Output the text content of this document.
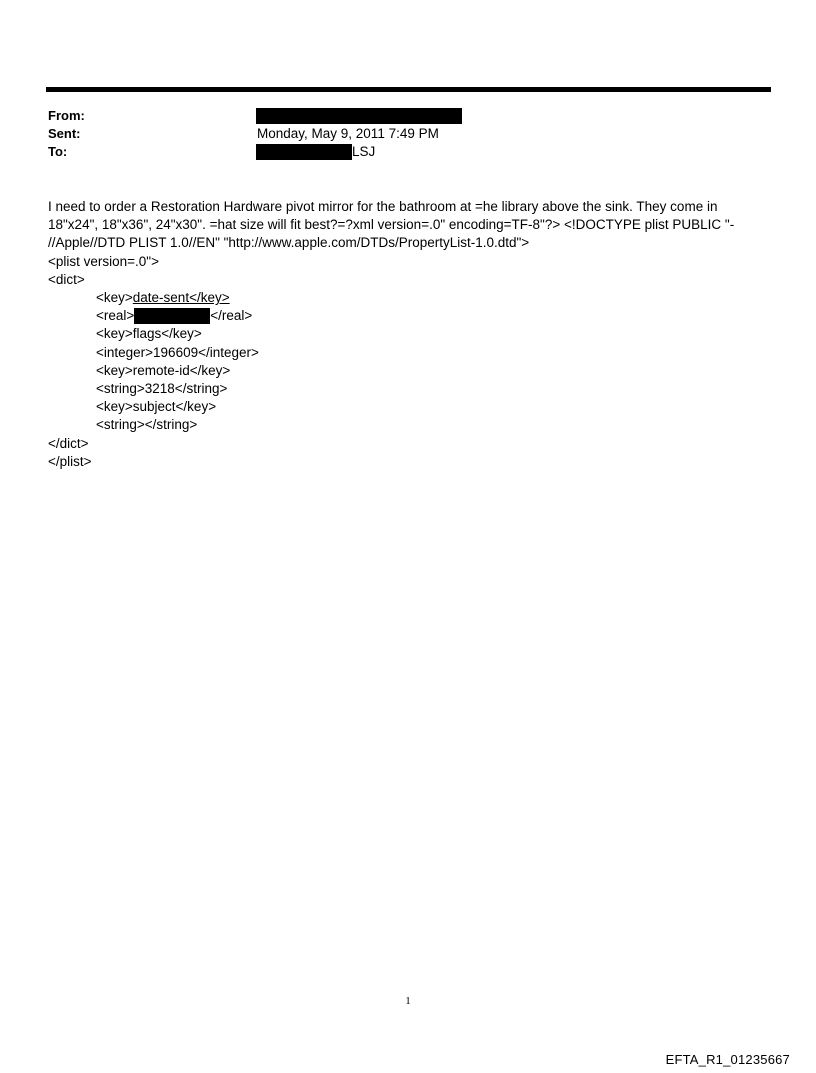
From:
Sent:	Monday, May 9, 2011 7:49 PM
To:	LSJ
I need to order a Restoration Hardware pivot mirror for the bathroom at =he library above the sink. They come in
18"x24", 18"x36", 24"x30". =hat size will fit best?=?xml version=.0" encoding=TF-8"?> <!DOCTYPE plist PUBLIC "-
//Apple//DTD PLIST 1.0//EN" "http://www.apple.com/DTDs/PropertyList-1.0.dtd">
<plist version=.0">
<dict>
<key>date-sent</key>
<real>	</real>
<key>flags</key>
<integer>196609</integer>
<key>remote-id</key>
<string>3218</string>
<key>subject</key>
<string></string>
</dict>
</plist>
1
EFTA_R1_01235667
